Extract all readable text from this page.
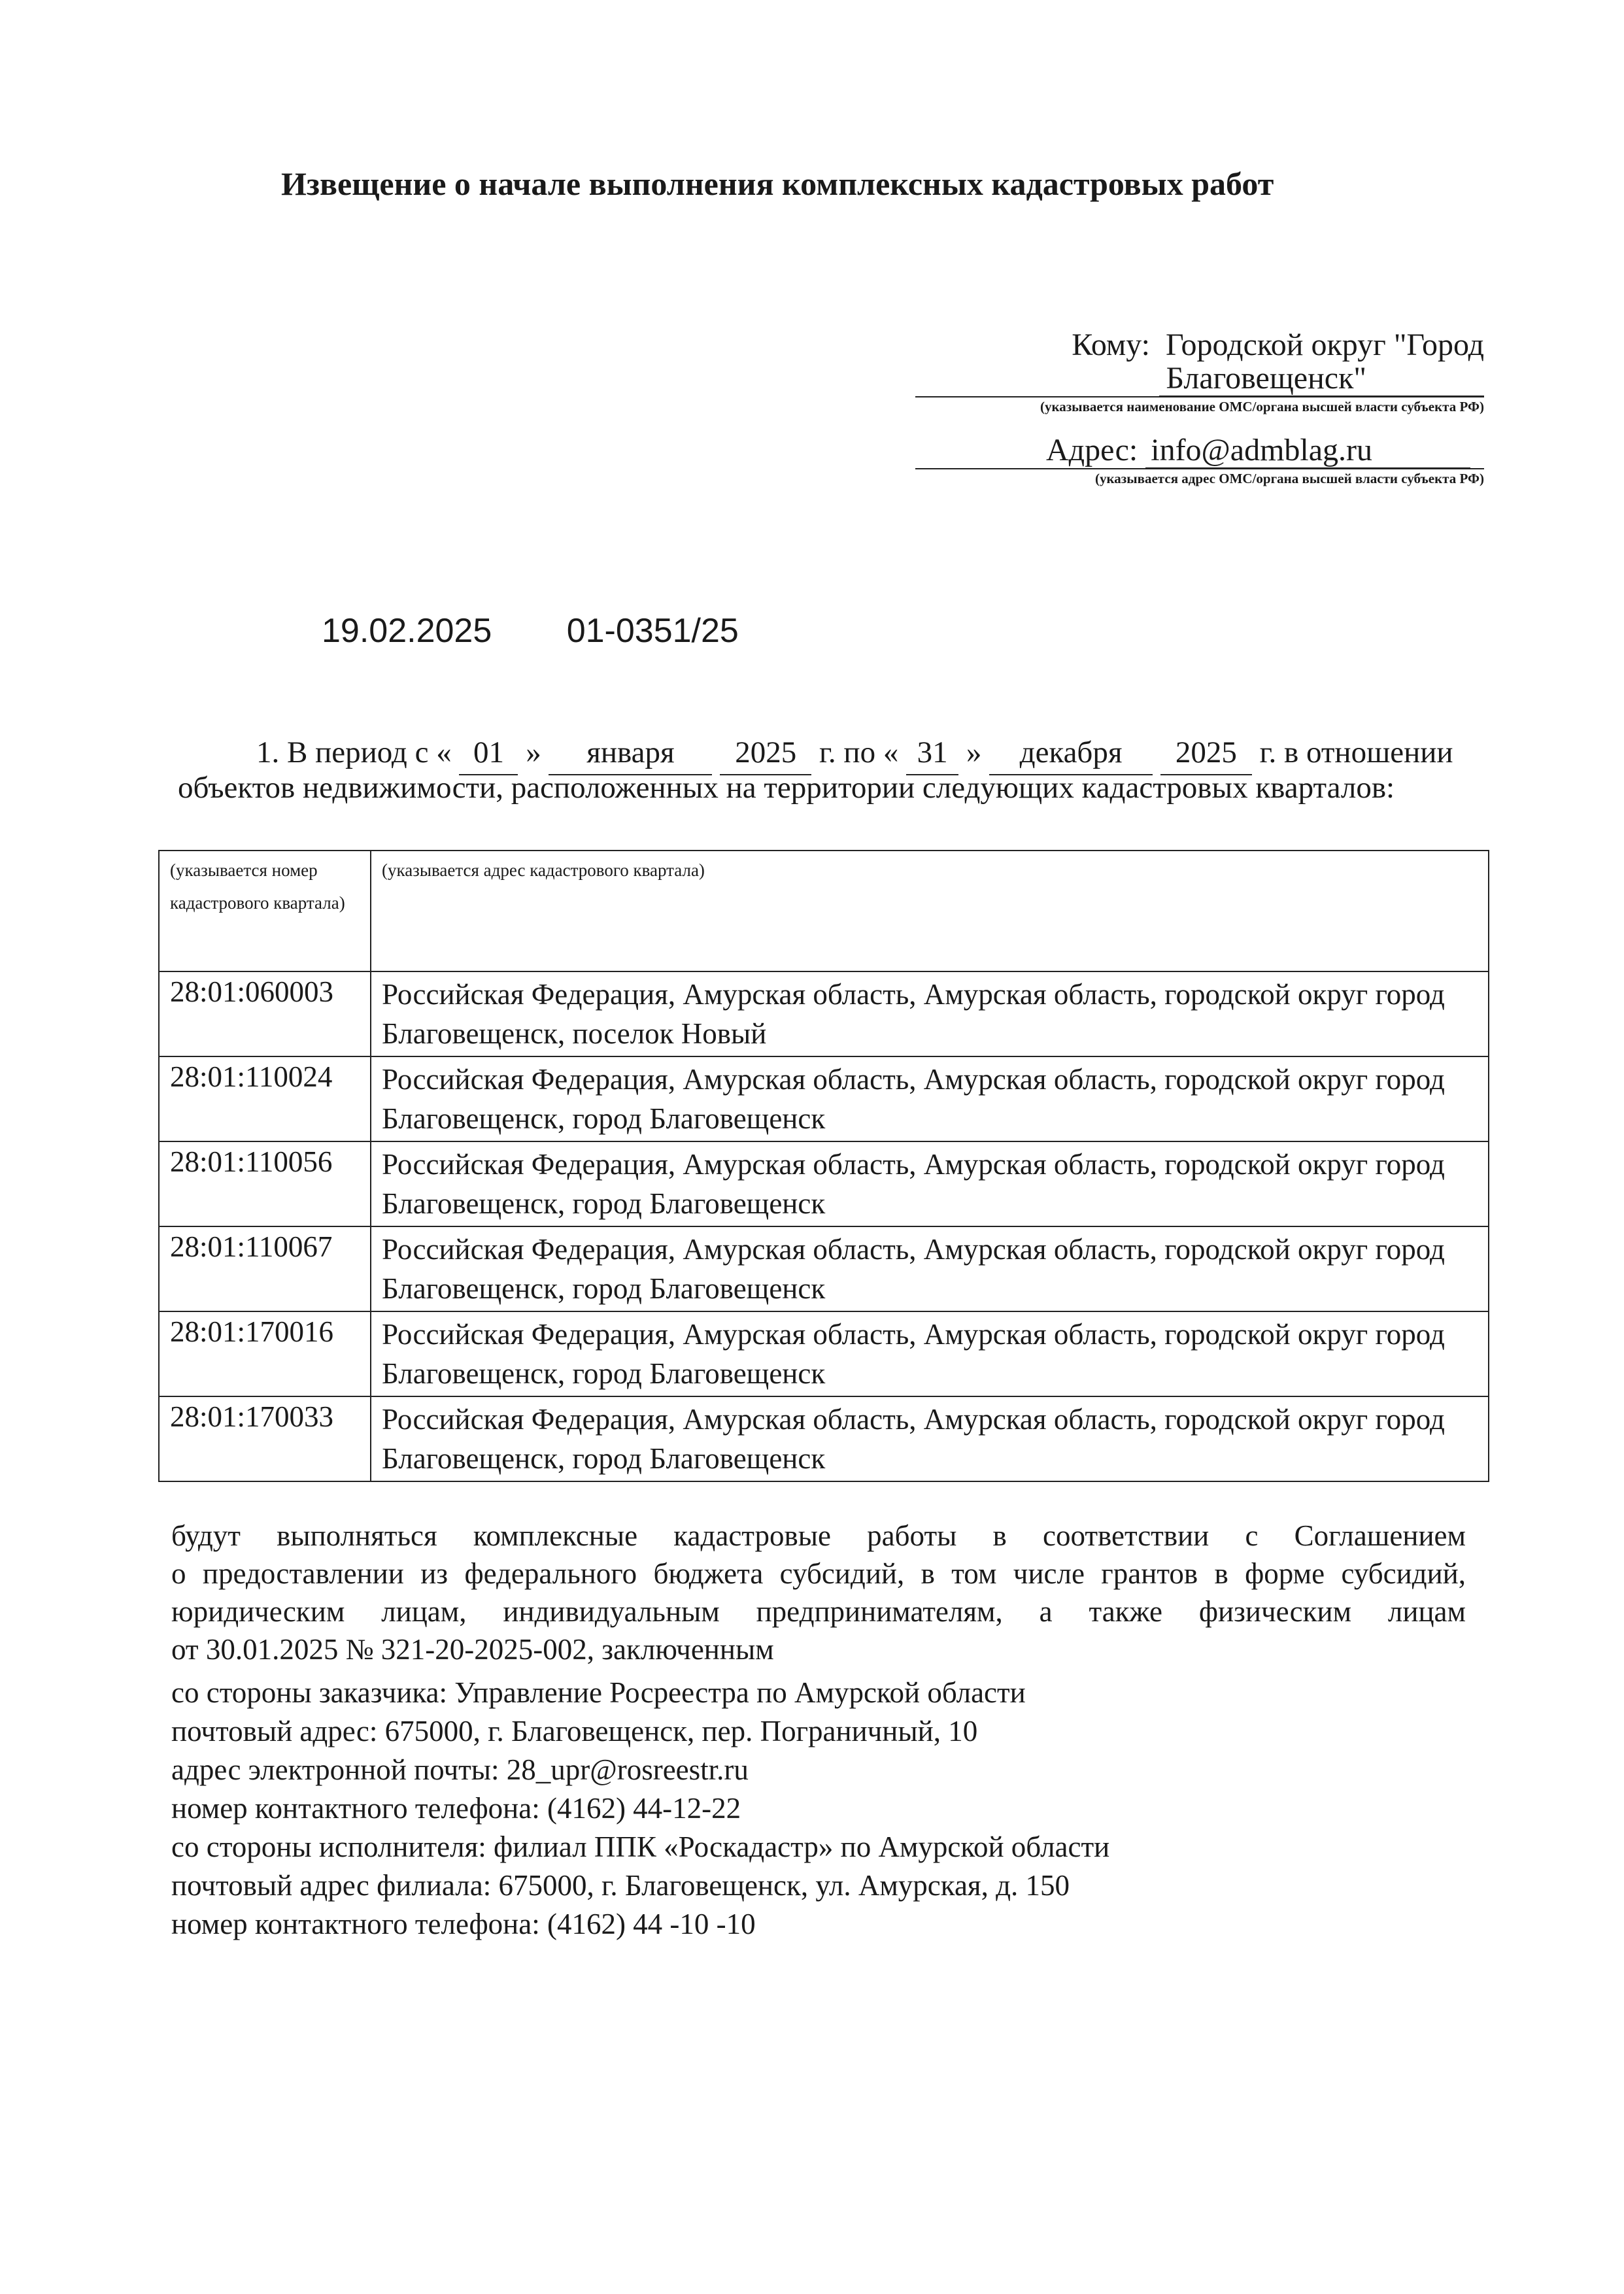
Извещение о начале выполнения комплексных кадастровых работ
Кому: Городской округ "Город
Благовещенск"
(указывается наименование ОМС/органа высшей власти субъекта РФ)
Адрес: info@admblag.ru
(указывается адрес ОМС/органа высшей власти субъекта РФ)
19.02.2025 01-0351/25
1. В период с « 01 » января 2025 г. по « 31 » декабря 2025 г. в отношении
объектов недвижимости, расположенных на территории следующих кадастровых кварталов:
(указывается номер кадастрового квартала)	(указывается адрес кадастрового квартала)
28:01:060003	Российская Федерация, Амурская область, Амурская область, городской округ город Благовещенск, поселок Новый
28:01:110024	Российская Федерация, Амурская область, Амурская область, городской округ город Благовещенск, город Благовещенск
28:01:110056	Российская Федерация, Амурская область, Амурская область, городской округ город Благовещенск, город Благовещенск
28:01:110067	Российская Федерация, Амурская область, Амурская область, городской округ город Благовещенск, город Благовещенск
28:01:170016	Российская Федерация, Амурская область, Амурская область, городской округ город Благовещенск, город Благовещенск
28:01:170033	Российская Федерация, Амурская область, Амурская область, городской округ город Благовещенск, город Благовещенск
будут выполняться комплексные кадастровые работы в соответствии с Соглашением
о предоставлении из федерального бюджета субсидий, в том числе грантов в форме субсидий,
юридическим лицам, индивидуальным предпринимателям, а также физическим лицам
от 30.01.2025 № 321-20-2025-002, заключенным
со стороны заказчика: Управление Росреестра по Амурской области
почтовый адрес: 675000, г. Благовещенск, пер. Пограничный, 10
адрес электронной почты: 28_upr@rosreestr.ru
номер контактного телефона: (4162) 44-12-22
со стороны исполнителя: филиал ППК «Роскадастр» по Амурской области
почтовый адрес филиала: 675000, г. Благовещенск, ул. Амурская, д. 150
номер контактного телефона: (4162) 44 -10 -10
